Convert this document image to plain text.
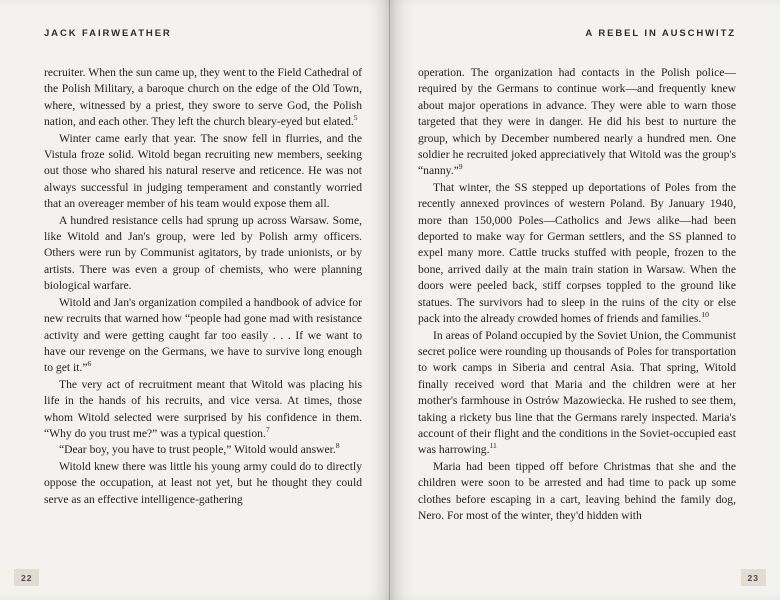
JACK FAIRWEATHER

recruiter. When the sun came up, they went to the Field Cathedral of the Polish Military, a baroque church on the edge of the Old Town, where, witnessed by a priest, they swore to serve God, the Polish nation, and each other. They left the church bleary-eyed but elated.$^5$

Winter came early that year. The snow fell in flurries, and the Vistula froze solid. Witold began recruiting new members, seeking out those who shared his natural reserve and reticence. He was not always successful in judging temperament and constantly worried that an overeager member of his team would expose them all.

A hundred resistance cells had sprung up across Warsaw. Some, like Witold and Jan's group, were led by Polish army officers. Others were run by Communist agitators, by trade unionists, or by artists. There was even a group of chemists, who were planning biological warfare.

Witold and Jan's organization compiled a handbook of advice for new recruits that warned how “people had gone mad with resistance activity and were getting caught far too easily . . . If we want to have our revenge on the Germans, we have to survive long enough to get it.”$^6$

The very act of recruitment meant that Witold was placing his life in the hands of his recruits, and vice versa. At times, those whom Witold selected were surprised by his confidence in them. “Why do you trust me?” was a typical question.$^7$

“Dear boy, you have to trust people,” Witold would answer.$^8$

Witold knew there was little his young army could do to directly oppose the occupation, at least not yet, but he thought they could serve as an effective intelligence-gathering

22
A REBEL IN AUSCHWITZ

operation. The organization had contacts in the Polish police—required by the Germans to continue work—and frequently knew about major operations in advance. They were able to warn those targeted that they were in danger. He did his best to nurture the group, which by December numbered nearly a hundred men. One soldier he recruited joked appreciatively that Witold was the group's “nanny.”$^9$

That winter, the SS stepped up deportations of Poles from the recently annexed provinces of western Poland. By January 1940, more than 150,000 Poles—Catholics and Jews alike—had been deported to make way for German settlers, and the SS planned to expel many more. Cattle trucks stuffed with people, frozen to the bone, arrived daily at the main train station in Warsaw. When the doors were peeled back, stiff corpses toppled to the ground like statues. The survivors had to sleep in the ruins of the city or else pack into the already crowded homes of friends and families.$^{10}$

In areas of Poland occupied by the Soviet Union, the Communist secret police were rounding up thousands of Poles for transportation to work camps in Siberia and central Asia. That spring, Witold finally received word that Maria and the children were at her mother's farmhouse in Ostrów Mazowiecka. He rushed to see them, taking a rickety bus line that the Germans rarely inspected. Maria's account of their flight and the conditions in the Soviet-occupied east was harrowing.$^{11}$

Maria had been tipped off before Christmas that she and the children were soon to be arrested and had time to pack up some clothes before escaping in a cart, leaving behind the family dog, Nero. For most of the winter, they'd hidden with

23
